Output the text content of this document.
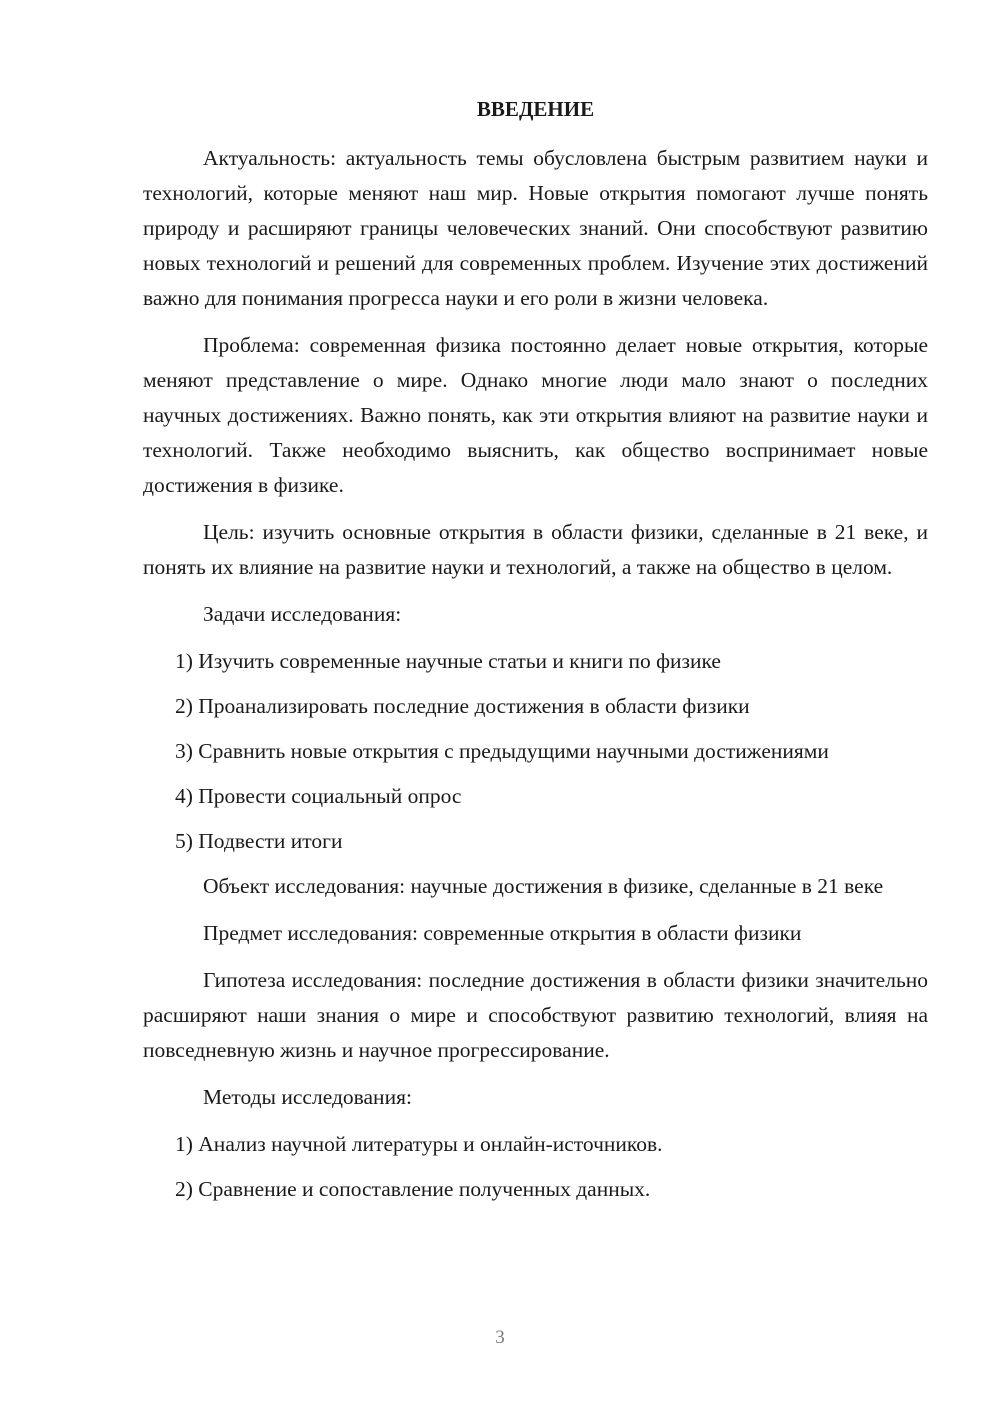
ВВЕДЕНИЕ

Актуальность: актуальность темы обусловлена быстрым развитием науки и технологий, которые меняют наш мир. Новые открытия помогают лучше понять природу и расширяют границы человеческих знаний. Они способствуют развитию новых технологий и решений для современных проблем. Изучение этих достижений важно для понимания прогресса науки и его роли в жизни человека.

Проблема: современная физика постоянно делает новые открытия, которые меняют представление о мире. Однако многие люди мало знают о последних научных достижениях. Важно понять, как эти открытия влияют на развитие науки и технологий. Также необходимо выяснить, как общество воспринимает новые достижения в физике.

Цель: изучить основные открытия в области физики, сделанные в 21 веке, и понять их влияние на развитие науки и технологий, а также на общество в целом.

Задачи исследования:

1) Изучить современные научные статьи и книги по физике

2) Проанализировать последние достижения в области физики

3) Сравнить новые открытия с предыдущими научными достижениями

4) Провести социальный опрос

5) Подвести итоги

Объект исследования: научные достижения в физике, сделанные в 21 веке

Предмет исследования: современные открытия в области физики

Гипотеза исследования: последние достижения в области физики значительно расширяют наши знания о мире и способствуют развитию технологий, влияя на повседневную жизнь и научное прогрессирование.

Методы исследования:

1) Анализ научной литературы и онлайн-источников.

2) Сравнение и сопоставление полученных данных.

3
